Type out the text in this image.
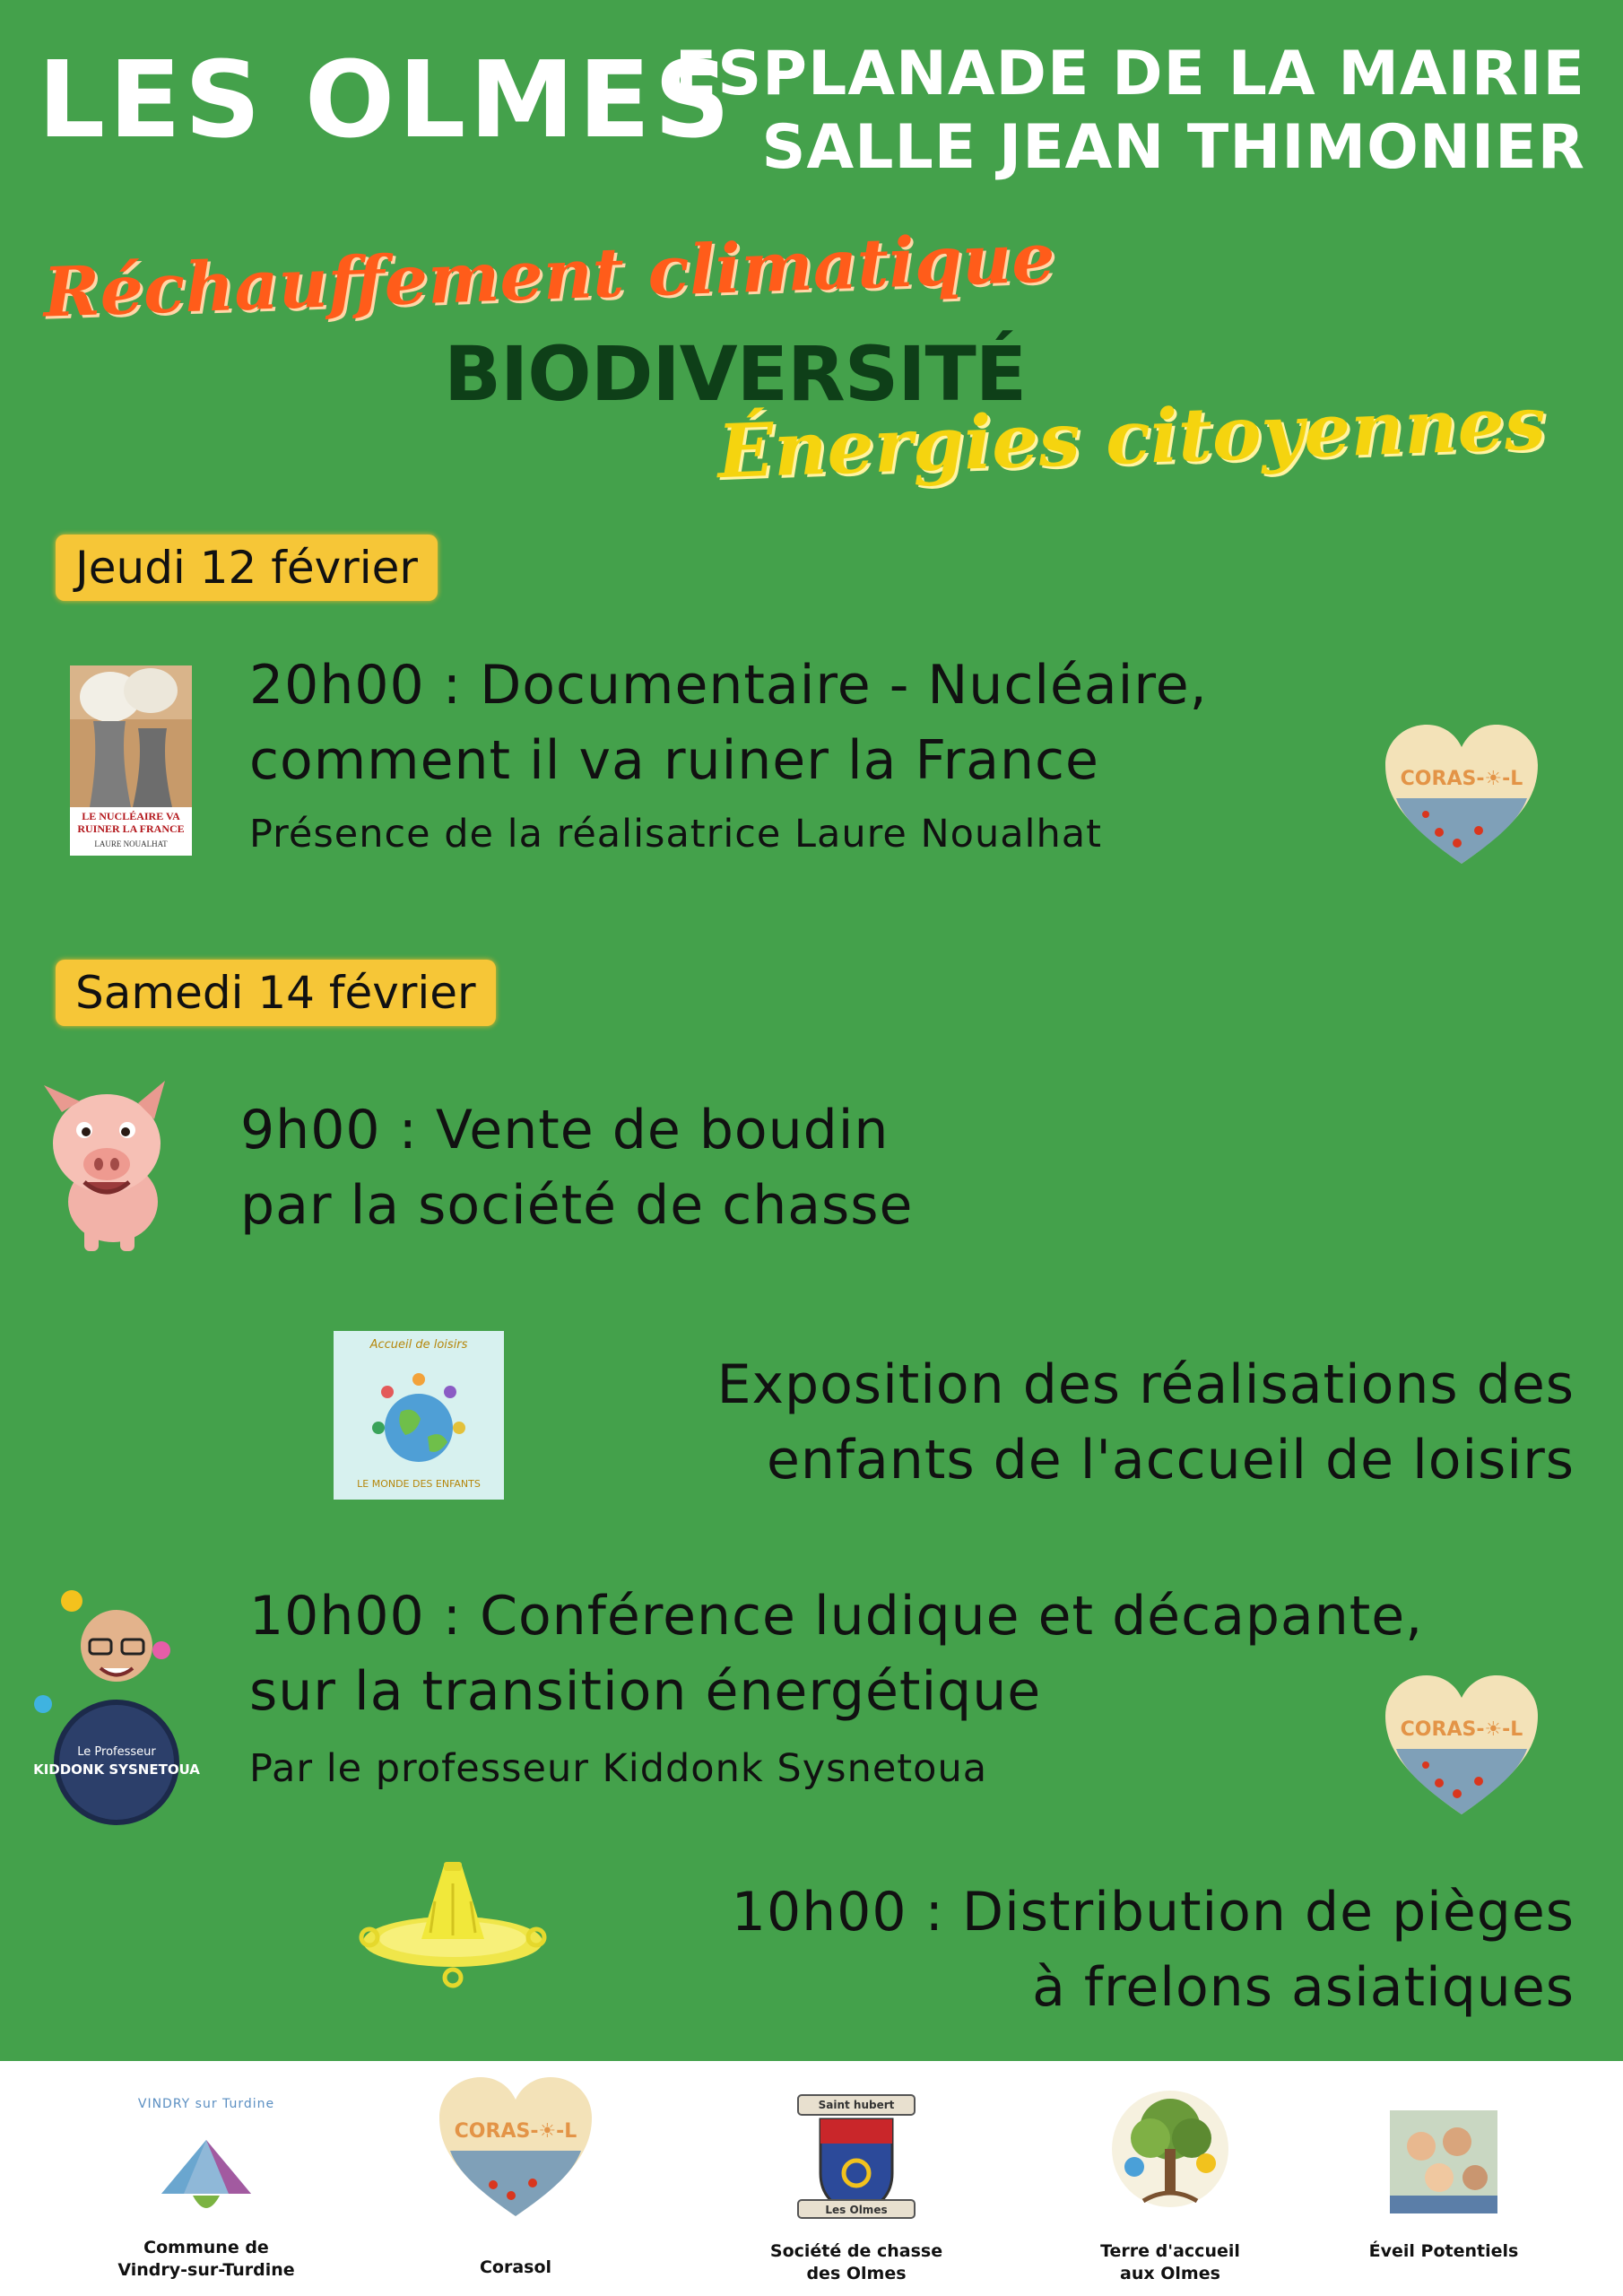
LES OLMES
ESPLANADE DE LA MAIRIE
SALLE JEAN THIMONIER
Réchauffement climatique
BIODIVERSITÉ
Énergies citoyennes
Jeudi 12 février
LE NUCLÉAIRE VA
RUINER LA FRANCE
LAURE NOUALHAT
20h00 : Documentaire - Nucléaire,
comment il va ruiner la France
Présence de la réalisatrice Laure Noualhat
CORAS-☀-L
Samedi 14 février
9h00 : Vente de boudin
par la société de chasse
Accueil de loisirs
LE MONDE DES ENFANTS
Exposition des réalisations des
enfants de l'accueil de loisirs
Le Professeur
KIDDONK SYSNETOUA
10h00 : Conférence ludique et décapante,
sur la transition énergétique
Par le professeur Kiddonk Sysnetoua
CORAS-☀-L
10h00 : Distribution de pièges
à frelons asiatiques
VINDRY sur Turdine
Commune de
Vindry-sur-Turdine
CORAS-☀-L
Corasol
Saint hubert
Les Olmes
Société de chasse
des Olmes
Terre d'accueil
aux Olmes
Éveil Potentiels
